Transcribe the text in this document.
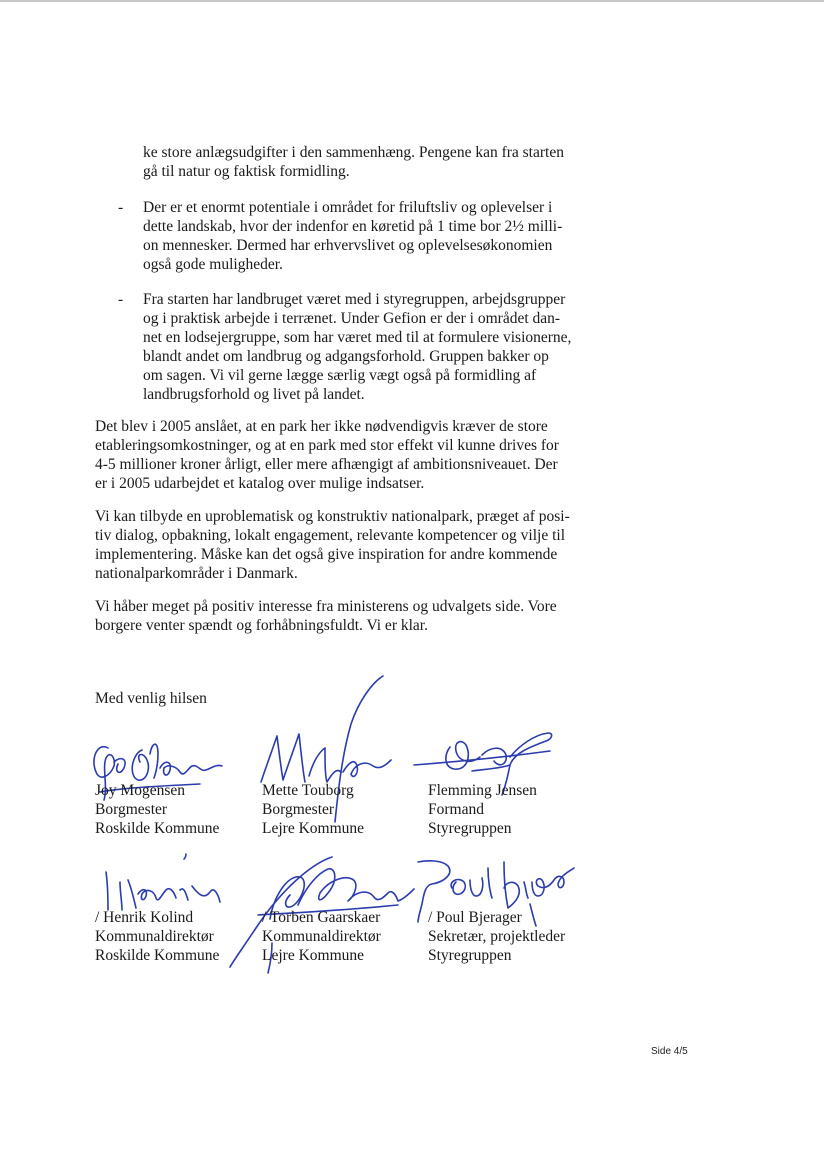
ke store anlægsudgifter i den sammenhæng. Pengene kan fra starten
gå til natur og faktisk formidling.
- Der er et enormt potentiale i området for friluftsliv og oplevelser i
dette landskab, hvor der indenfor en køretid på 1 time bor 2½ milli-
on mennesker. Dermed har erhvervslivet og oplevelsesøkonomien
også gode muligheder.
- Fra starten har landbruget været med i styregruppen, arbejdsgrupper
og i praktisk arbejde i terrænet. Under Gefion er der i området dan-
net en lodsejergruppe, som har været med til at formulere visionerne,
blandt andet om landbrug og adgangsforhold. Gruppen bakker op
om sagen. Vi vil gerne lægge særlig vægt også på formidling af
landbrugsforhold og livet på landet.
Det blev i 2005 anslået, at en park her ikke nødvendigvis kræver de store
etableringsomkostninger, og at en park med stor effekt vil kunne drives for
4-5 millioner kroner årligt, eller mere afhængigt af ambitionsniveauet. Der
er i 2005 udarbejdet et katalog over mulige indsatser.
Vi kan tilbyde en uproblematisk og konstruktiv nationalpark, præget af posi-
tiv dialog, opbakning, lokalt engagement, relevante kompetencer og vilje til
implementering. Måske kan det også give inspiration for andre kommende
nationalparkområder i Danmark.
Vi håber meget på positiv interesse fra ministerens og udvalgets side. Vore
borgere venter spændt og forhåbningsfuldt. Vi er klar.
Med venlig hilsen
Joy Mogensen
Borgmester
Roskilde Kommune
Mette Touborg
Borgmester
Lejre Kommune
Flemming Jensen
Formand
Styregruppen
/ Henrik Kolind
Kommunaldirektør
Roskilde Kommune
/ Torben Gaarskaer
Kommunaldirektør
Lejre Kommune
/ Poul Bjerager
Sekretær, projektleder
Styregruppen
Side 4/5
